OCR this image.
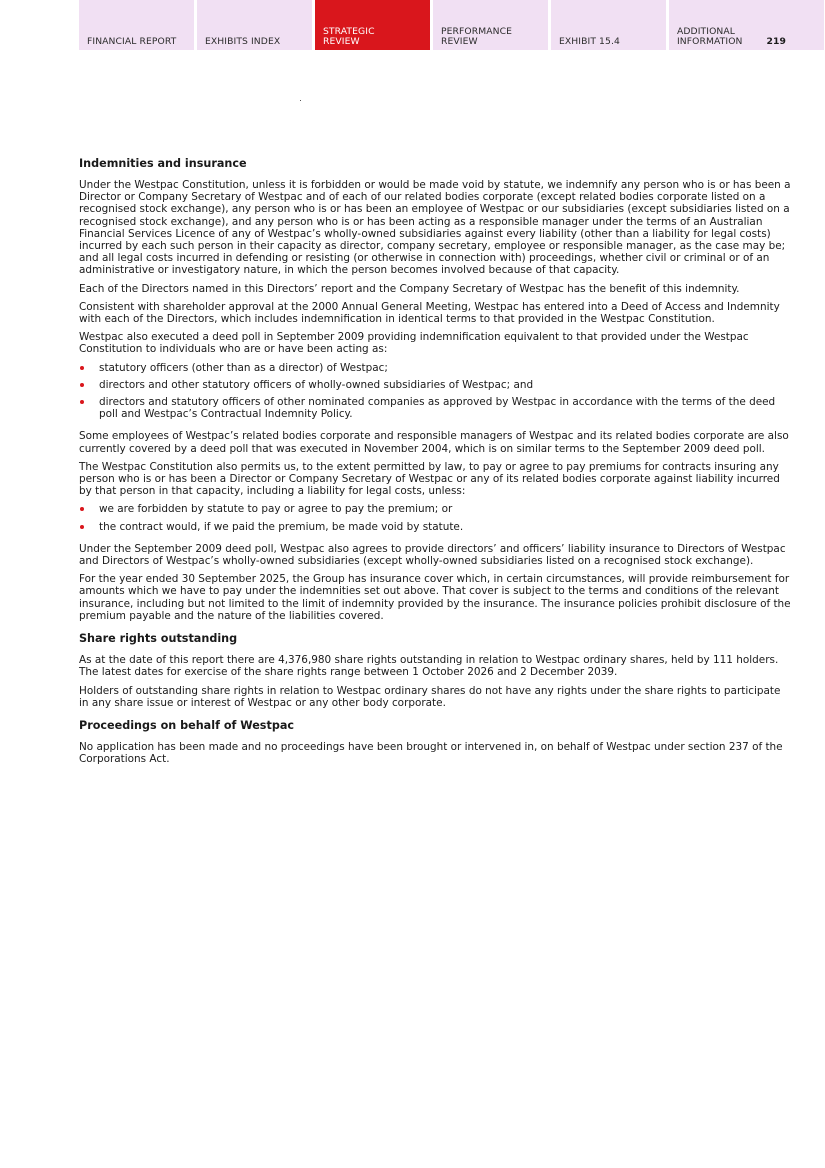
FINANCIAL REPORT	EXHIBITS INDEX
STRATEGIC
REVIEW
PERFORMANCE
REVIEW	EXHIBIT 15.4
ADDITIONAL
INFORMATION	219
Indemnities and insurance

Under the Westpac Constitution, unless it is forbidden or would be made void by statute, we indemnify any person who is or has been a Director or Company Secretary of Westpac and of each of our related bodies corporate (except related bodies corporate listed on a recognised stock exchange), any person who is or has been an employee of Westpac or our subsidiaries (except subsidiaries listed on a recognised stock exchange), and any person who is or has been acting as a responsible manager under the terms of an Australian Financial Services Licence of any of Westpac’s wholly-owned subsidiaries against every liability (other than a liability for legal costs) incurred by each such person in their capacity as director, company secretary, employee or responsible manager, as the case may be; and all legal costs incurred in defending or resisting (or otherwise in connection with) proceedings, whether civil or criminal or of an administrative or investigatory nature, in which the person becomes involved because of that capacity.

Each of the Directors named in this Directors’ report and the Company Secretary of Westpac has the benefit of this indemnity.

Consistent with shareholder approval at the 2000 Annual General Meeting, Westpac has entered into a Deed of Access and Indemnity with each of the Directors, which includes indemnification in identical terms to that provided in the Westpac Constitution.

Westpac also executed a deed poll in September 2009 providing indemnification equivalent to that provided under the Westpac Constitution to individuals who are or have been acting as:

statutory officers (other than as a director) of Westpac;
directors and other statutory officers of wholly-owned subsidiaries of Westpac; and
directors and statutory officers of other nominated companies as approved by Westpac in accordance with the terms of the deed poll and Westpac’s Contractual Indemnity Policy.

Some employees of Westpac’s related bodies corporate and responsible managers of Westpac and its related bodies corporate are also currently covered by a deed poll that was executed in November 2004, which is on similar terms to the September 2009 deed poll.

The Westpac Constitution also permits us, to the extent permitted by law, to pay or agree to pay premiums for contracts insuring any person who is or has been a Director or Company Secretary of Westpac or any of its related bodies corporate against liability incurred by that person in that capacity, including a liability for legal costs, unless:

we are forbidden by statute to pay or agree to pay the premium; or
the contract would, if we paid the premium, be made void by statute.

Under the September 2009 deed poll, Westpac also agrees to provide directors’ and officers’ liability insurance to Directors of Westpac and Directors of Westpac’s wholly-owned subsidiaries (except wholly-owned subsidiaries listed on a recognised stock exchange).

For the year ended 30 September 2025, the Group has insurance cover which, in certain circumstances, will provide reimbursement for amounts which we have to pay under the indemnities set out above. That cover is subject to the terms and conditions of the relevant insurance, including but not limited to the limit of indemnity provided by the insurance. The insurance policies prohibit disclosure of the premium payable and the nature of the liabilities covered.

Share rights outstanding

As at the date of this report there are 4,376,980 share rights outstanding in relation to Westpac ordinary shares, held by 111 holders. The latest dates for exercise of the share rights range between 1 October 2026 and 2 December 2039.

Holders of outstanding share rights in relation to Westpac ordinary shares do not have any rights under the share rights to participate in any share issue or interest of Westpac or any other body corporate.

Proceedings on behalf of Westpac

No application has been made and no proceedings have been brought or intervened in, on behalf of Westpac under section 237 of the Corporations Act.
